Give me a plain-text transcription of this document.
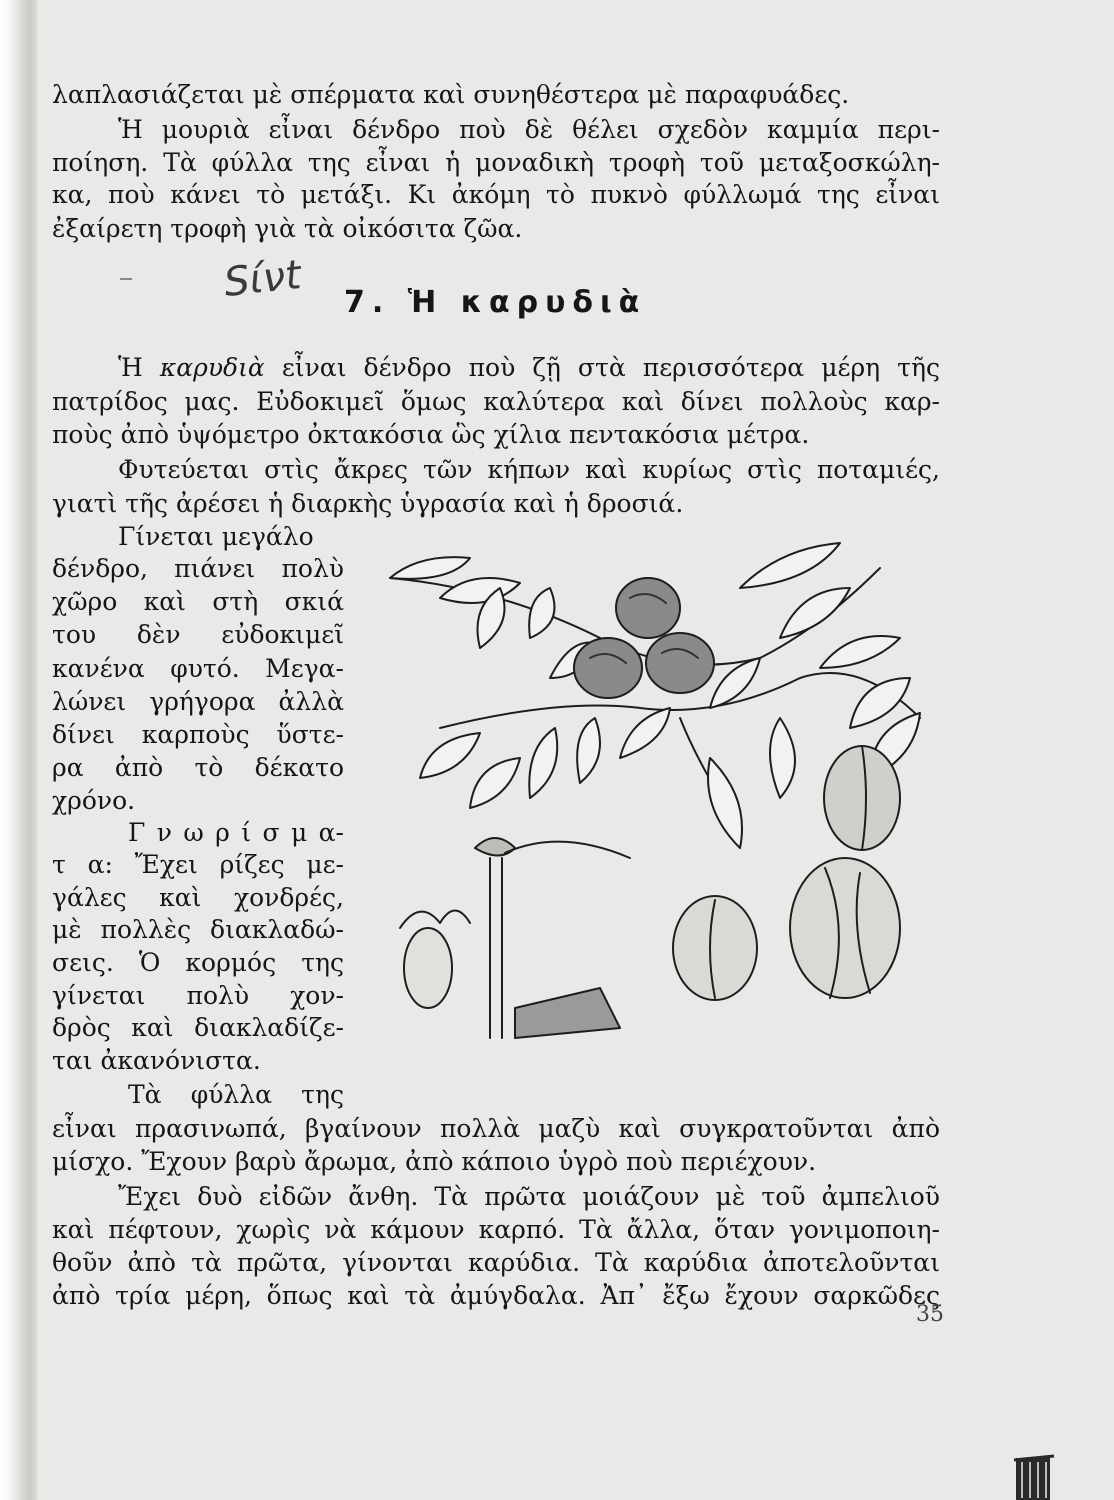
λαπλασιάζεται μὲ σπέρματα καὶ συνηθέστερα μὲ παραφυάδες.
Ἡ μουριὰ εἶναι δένδρο ποὺ δὲ θέλει σχεδὸν καμμία περι-
ποίηση. Τὰ φύλλα της εἶναι ἡ μοναδικὴ τροφὴ τοῦ μεταξοσκώλη-
κα, ποὺ κάνει τὸ μετάξι. Κι ἀκόμη τὸ πυκνὸ φύλλωμά της εἶναι
ἐξαίρετη τροφὴ γιὰ τὰ οἰκόσιτα ζῶα.
Sίνt 7. Ἡ καρυδιὰ
Ἡ καρυδιὰ εἶναι δένδρο ποὺ ζῇ στὰ περισσότερα μέρη τῆς
πατρίδος μας. Εὐδοκιμεῖ ὅμως καλύτερα καὶ δίνει πολλοὺς καρ-
ποὺς ἀπὸ ὑψόμετρο ὀκτακόσια ὣς χίλια πεντακόσια μέτρα.
Φυτεύεται στὶς ἄκρες τῶν κήπων καὶ κυρίως στὶς ποταμιές,
γιατὶ τῆς ἀρέσει ἡ διαρκὴς ὑγρασία καὶ ἡ δροσιά.
Γίνεται μεγάλο
δένδρο, πιάνει πολὺ
χῶρο καὶ στὴ σκιά
του δὲν εὐδοκιμεῖ
κανένα φυτό. Μεγα-
λώνει γρήγορα ἀλλὰ
δίνει καρποὺς ὕστε-
ρα ἀπὸ τὸ δέκατο
χρόνο.
Γ ν ω ρ ί σ μ α-
τ α: Ἔχει ρίζες με-
γάλες καὶ χονδρές,
μὲ πολλὲς διακλαδώ-
σεις. Ὁ κορμός της
γίνεται πολὺ χον-
δρὸς καὶ διακλαδίζε-
ται ἀκανόνιστα.
Τὰ φύλλα της
εἶναι πρασινωπά, βγαίνουν πολλὰ μαζὺ καὶ συγκρατοῦνται ἀπὸ
μίσχο. Ἔχουν βαρὺ ἄρωμα, ἀπὸ κάποιο ὑγρὸ ποὺ περιέχουν.
Ἔχει δυὸ εἰδῶν ἄνθη. Τὰ πρῶτα μοιάζουν μὲ τοῦ ἀμπελιοῦ
καὶ πέφτουν, χωρὶς νὰ κάμουν καρπό. Τὰ ἄλλα, ὅταν γονιμοποιη-
θοῦν ἀπὸ τὰ πρῶτα, γίνονται καρύδια. Τὰ καρύδια ἀποτελοῦνται
ἀπὸ τρία μέρη, ὅπως καὶ τὰ ἀμύγδαλα. Ἀπ᾿ ἔξω ἔχουν σαρκῶδες
35
